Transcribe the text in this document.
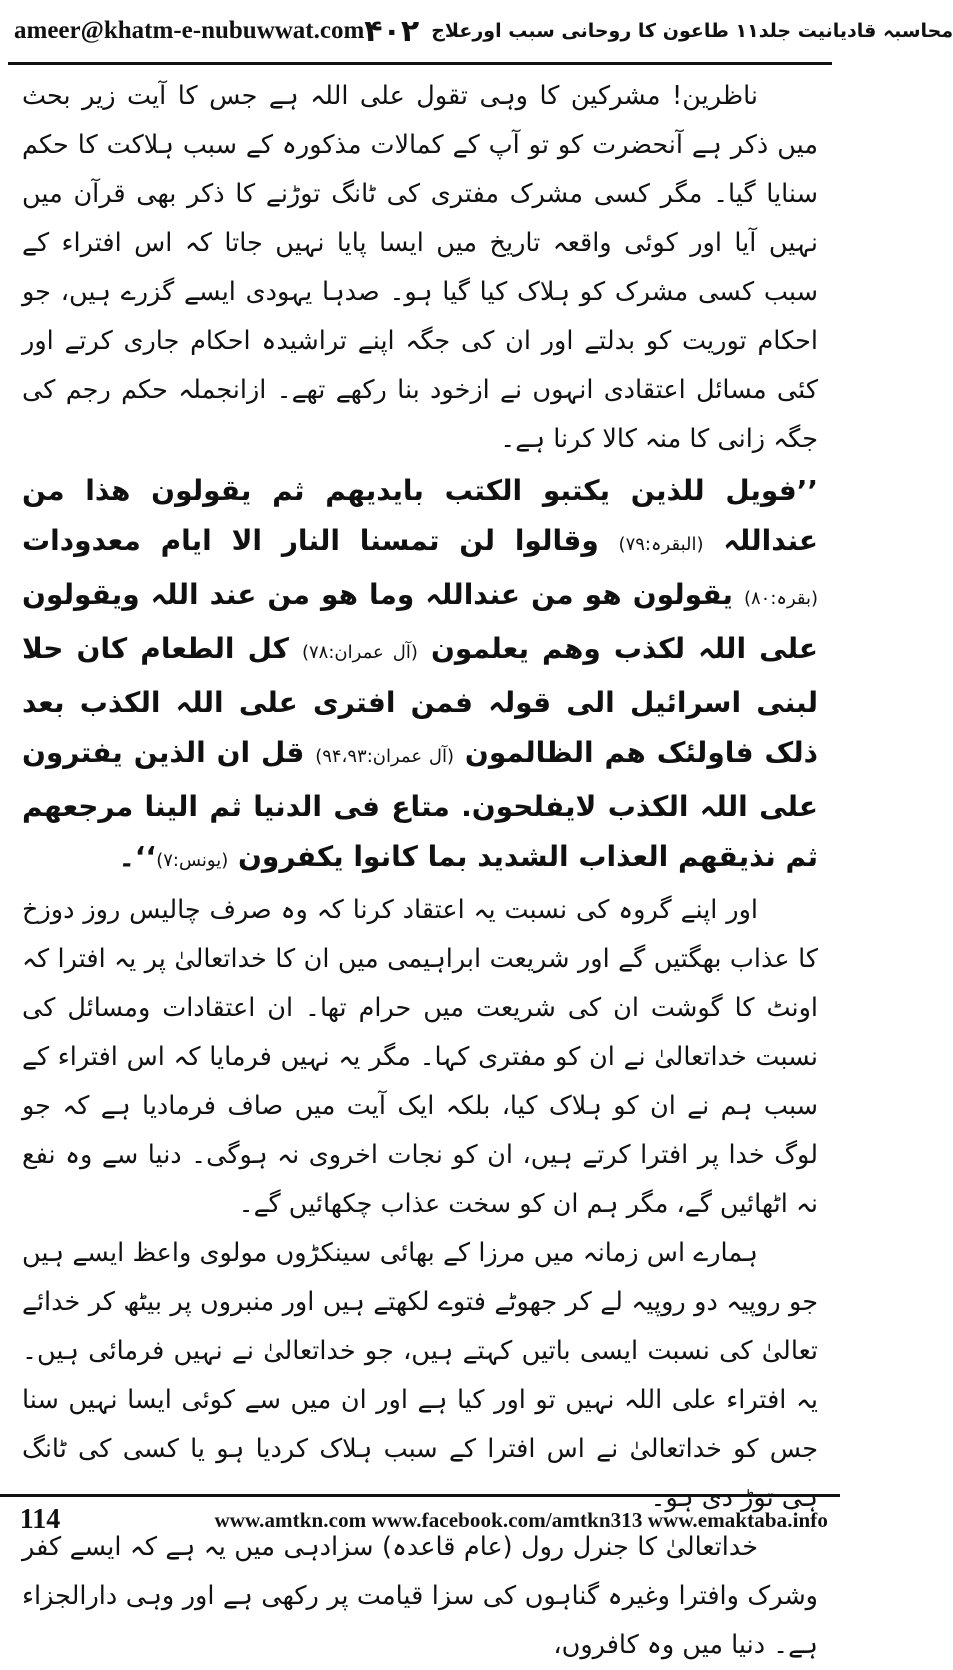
ameer@khatm-e-nubuwwat.com	محاسبہ قادیانیت جلد۱۱ طاعون کا روحانی سبب اورعلاج
۴۰۲

ناظرین! مشرکین کا وہی تقول علی اللہ ہے جس کا آیت زیر بحث میں ذکر ہے آنحضرت کو تو آپ کے کمالات مذکورہ کے سبب ہلاکت کا حکم سنایا گیا۔ مگر کسی مشرک مفتری کی ٹانگ توڑنے کا ذکر بھی قرآن میں نہیں آیا اور کوئی واقعہ تاریخ میں ایسا پایا نہیں جاتا کہ اس افتراء کے سبب کسی مشرک کو ہلاک کیا گیا ہو۔ صدہا یہودی ایسے گزرے ہیں، جو احکام توریت کو بدلتے اور ان کی جگہ اپنے تراشیدہ احکام جاری کرتے اور کئی مسائل اعتقادی انہوں نے ازخود بنا رکھے تھے۔ ازانجملہ حکم رجم کی جگہ زانی کا منہ کالا کرنا ہے۔

’’فویل للذین یکتبو الکتب بایدیھم ثم یقولون ھذا من عنداللہ (البقرہ:۷۹) وقالوا لن تمسنا النار الا ایام معدودات (بقرہ:۸۰) یقولون ھو من عنداللہ وما ھو من عند اللہ ویقولون علی اللہ لکذب وھم یعلمون (آل عمران:۷۸) کل الطعام کان حلا لبنی اسرائیل الی قولہ فمن افتری علی اللہ الکذب بعد ذلک فاولئک ھم الظالمون (آل عمران:۹۴،۹۳) قل ان الذین یفترون علی اللہ الکذب لایفلحون. متاع فی الدنیا ثم الینا مرجعھم ثم نذیقھم العذاب الشدید بما کانوا یکفرون (یونس:۷)‘‘۔

اور اپنے گروہ کی نسبت یہ اعتقاد کرنا کہ وہ صرف چالیس روز دوزخ کا عذاب بھگتیں گے اور شریعت ابراہیمی میں ان کا خداتعالیٰ پر یہ افترا کہ اونٹ کا گوشت ان کی شریعت میں حرام تھا۔ ان اعتقادات ومسائل کی نسبت خداتعالیٰ نے ان کو مفتری کہا۔ مگر یہ نہیں فرمایا کہ اس افتراء کے سبب ہم نے ان کو ہلاک کیا، بلکہ ایک آیت میں صاف فرمادیا ہے کہ جو لوگ خدا پر افترا کرتے ہیں، ان کو نجات اخروی نہ ہوگی۔ دنیا سے وہ نفع نہ اٹھائیں گے، مگر ہم ان کو سخت عذاب چکھائیں گے۔

ہمارے اس زمانہ میں مرزا کے بھائی سینکڑوں مولوی واعظ ایسے ہیں جو روپیہ دو روپیہ لے کر جھوٹے فتوے لکھتے ہیں اور منبروں پر بیٹھ کر خدائے تعالیٰ کی نسبت ایسی باتیں کہتے ہیں، جو خداتعالیٰ نے نہیں فرمائی ہیں۔ یہ افتراء علی اللہ نہیں تو اور کیا ہے اور ان میں سے کوئی ایسا نہیں سنا جس کو خداتعالیٰ نے اس افترا کے سبب ہلاک کردیا ہو یا کسی کی ٹانگ ہی توڑ دی ہو۔

خداتعالیٰ کا جنرل رول (عام قاعدہ) سزادہی میں یہ ہے کہ ایسے کفر وشرک وافترا وغیرہ گناہوں کی سزا قیامت پر رکھی ہے اور وہی دارالجزاء ہے۔ دنیا میں وہ کافروں،

114	www.amtkn.com www.facebook.com/amtkn313 www.emaktaba.info
